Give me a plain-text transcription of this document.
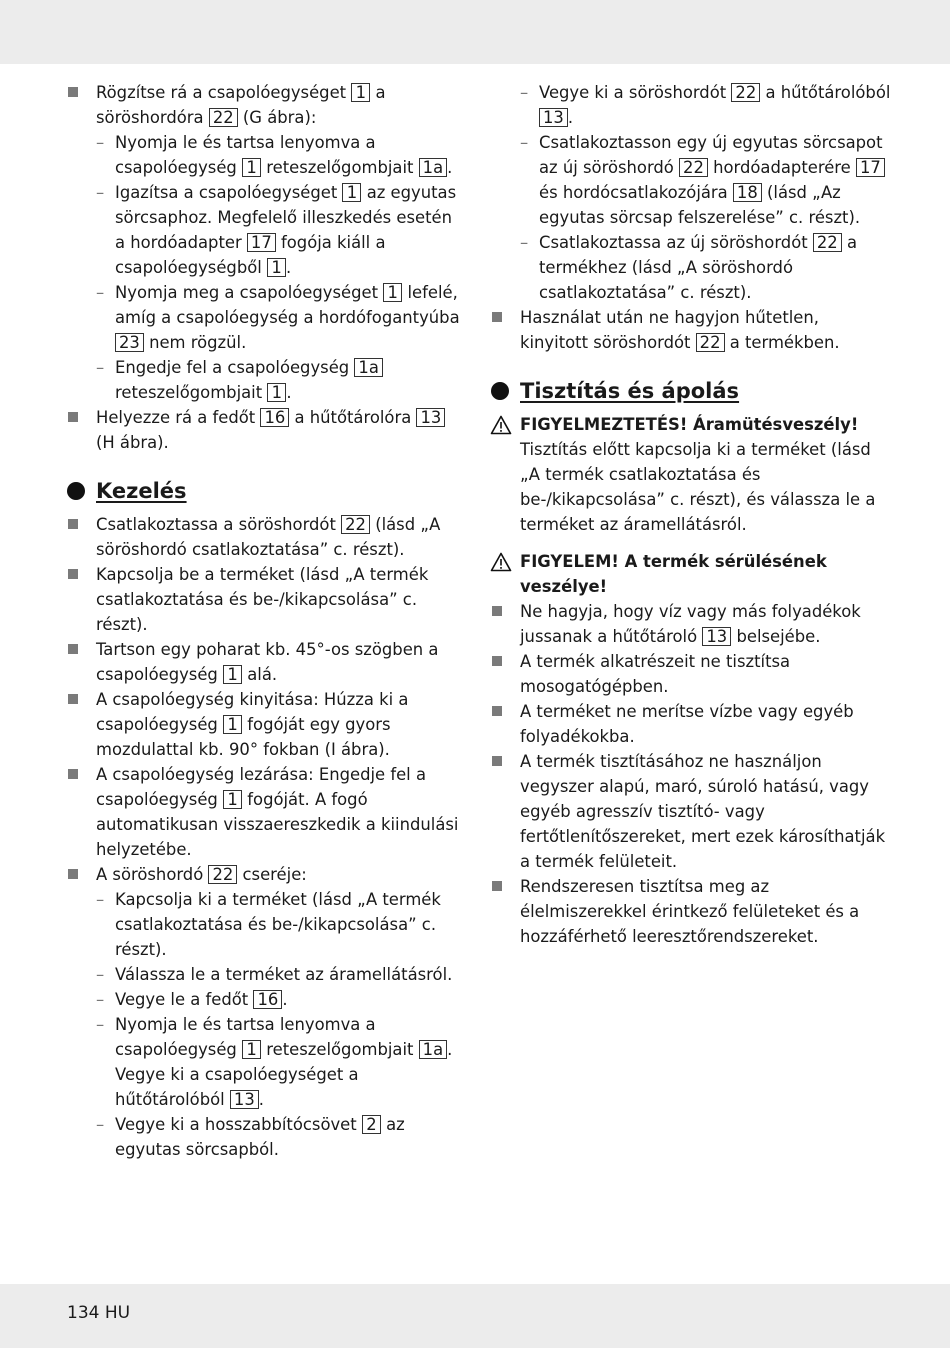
Rögzítse rá a csapolóegységet 1 a söröshordóra 22 (G ábra):
– Nyomja le és tartsa lenyomva a csapolóegység 1 reteszelőgombjait 1a .
– Igazítsa a csapolóegységet 1 az egyutas sörcsaphoz. Megfelelő illeszkedés esetén a hordóadapter 17 fogója kiáll a csapolóegységből 1 .
– Nyomja meg a csapolóegységet 1 lefelé, amíg a csapolóegység a hordófogantyúba 23 nem rögzül.
– Engedje fel a csapolóegység 1a reteszelőgombjait 1 .
Helyezze rá a fedőt 16 a hűtőtárolóra 13 (H ábra).
Kezelés
Csatlakoztassa a söröshordót 22 (lásd „A söröshordó csatlakoztatása” c. részt).
Kapcsolja be a terméket (lásd „A termék csatlakoztatása és be-/kikapcsolása” c. részt).
Tartson egy poharat kb. 45°-os szögben a csapolóegység 1 alá.
A csapolóegység kinyitása: Húzza ki a csapolóegység 1 fogóját egy gyors mozdulattal kb. 90° fokban (I ábra).
A csapolóegység lezárása: Engedje fel a csapolóegység 1 fogóját. A fogó automatikusan visszaereszkedik a kiindulási helyzetébe.
A söröshordó 22 cseréje:
– Kapcsolja ki a terméket (lásd „A termék csatlakoztatása és be-/kikapcsolása” c. részt).
– Válassza le a terméket az áramellátásról.
– Vegye le a fedőt 16 .
– Nyomja le és tartsa lenyomva a csapolóegység 1 reteszelőgombjait 1a . Vegye ki a csapolóegységet a hűtőtárolóból 13 .
– Vegye ki a hosszabbítócsövet 2 az egyutas sörcsapból.
– Vegye ki a söröshordót 22 a hűtőtárolóból 13 .
– Csatlakoztasson egy új egyutas sörcsapot az új söröshordó 22 hordóadapterére 17 és hordócsatlakozójára 18 (lásd „Az egyutas sörcsap felszerelése” c. részt).
– Csatlakoztassa az új söröshordót 22 a termékhez (lásd „A söröshordó csatlakoztatása” c. részt).
Használat után ne hagyjon hűtetlen, kinyitott söröshordót 22 a termékben.
Tisztítás és ápolás
FIGYELMEZTETÉS! Áramütésveszély!
Tisztítás előtt kapcsolja ki a terméket (lásd „A termék csatlakoztatása és be-/kikapcsolása” c. részt), és válassza le a terméket az áramellátásról.
FIGYELEM! A termék sérülésének veszélye!
Ne hagyja, hogy víz vagy más folyadékok jussanak a hűtőtároló 13 belsejébe.
A termék alkatrészeit ne tisztítsa mosogatógépben.
A terméket ne merítse vízbe vagy egyéb folyadékokba.
A termék tisztításához ne használjon vegyszer alapú, maró, súroló hatású, vagy egyéb agresszív tisztító- vagy fertőtlenítőszereket, mert ezek károsíthatják a termék felületeit.
Rendszeresen tisztítsa meg az élelmiszerekkel érintkező felületeket és a hozzáférhető leeresztőrendszereket.
134 HU
